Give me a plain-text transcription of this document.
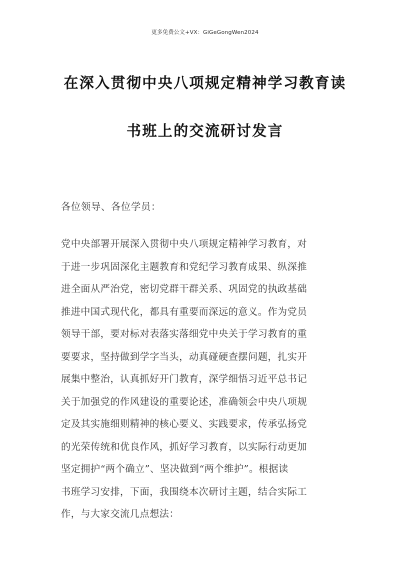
更多免费公文+VX：GiGeGongWen2024
在深入贯彻中央八项规定精神学习教育读
书班上的交流研讨发言
各位领导、各位学员：
党中央部署开展深入贯彻中央八项规定精神学习教育，对
于进一步巩固深化主题教育和党纪学习教育成果、纵深推
进全面从严治党，密切党群干群关系、巩固党的执政基础
推进中国式现代化，都具有重要而深远的意义。作为党员
领导干部，要对标对表落实落细党中央关于学习教育的重
要要求，坚持做到学字当头，动真碰硬查摆问题，扎实开
展集中整治，认真抓好开门教育，深学细悟习近平总书记
关于加强党的作风建设的重要论述，准确领会中央八项规
定及其实施细则精神的核心要义、实践要求，传承弘扬党
的光荣传统和优良作风，抓好学习教育，以实际行动更加
坚定拥护“两个确立”、坚决做到“两个维护”。根据读
书班学习安排，下面，我围绕本次研讨主题，结合实际工
作，与大家交流几点想法：
